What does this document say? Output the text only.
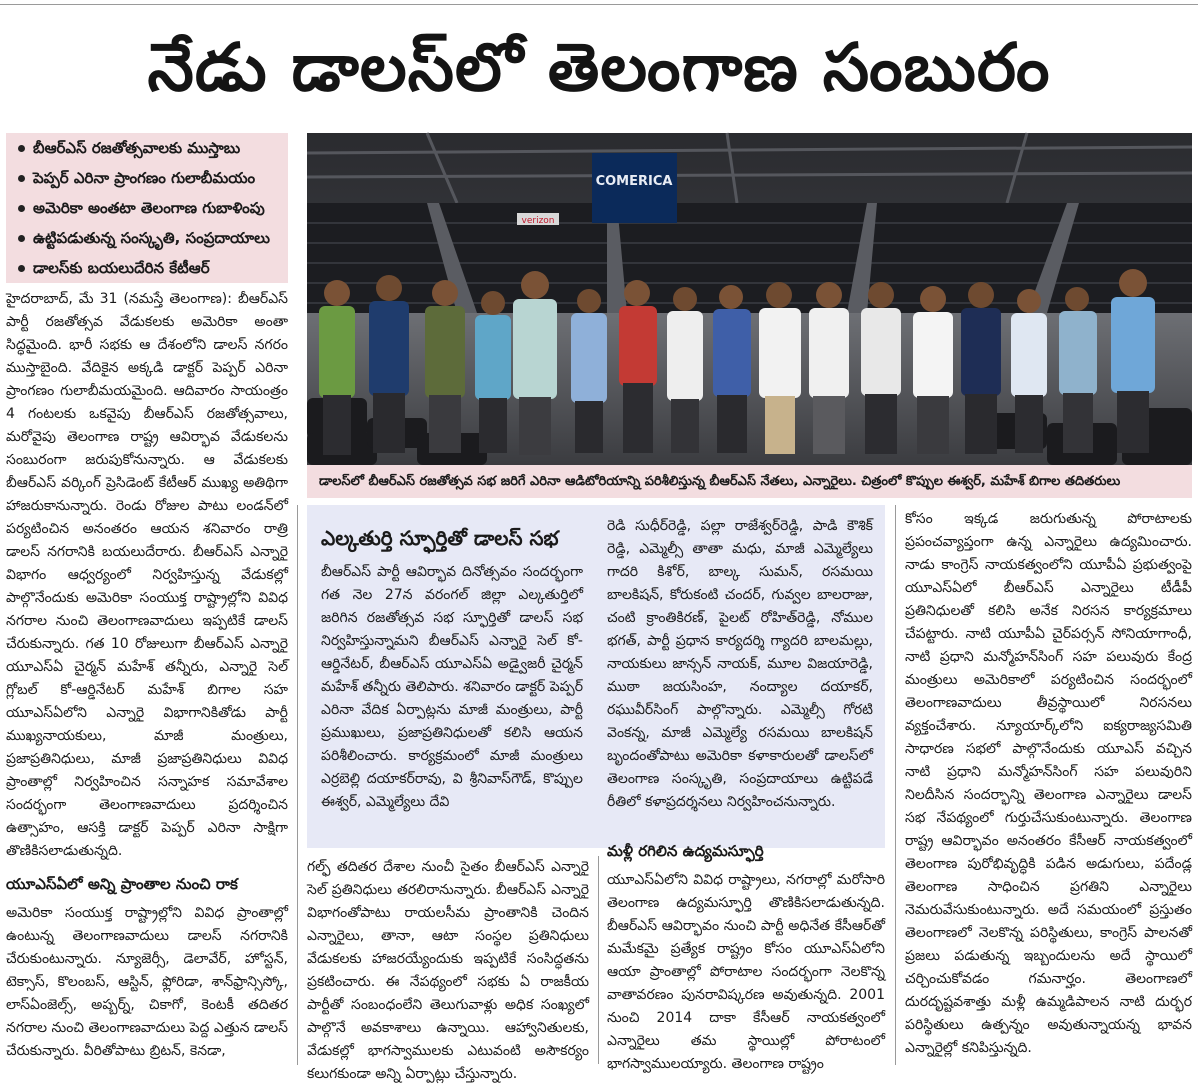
నేడు డాలస్‌లో తెలంగాణ సంబురం
బీఆర్‌ఎస్ రజతోత్సవాలకు ముస్తాబు
పెప్పర్ ఎరినా ప్రాంగణం గులాబీమయం
అమెరికా అంతటా తెలంగాణ గుబాళింపు
ఉట్టిపడుతున్న సంస్కృతి, సంప్రదాయాలు
డాలస్‌కు బయలుదేరిన కేటీఆర్
COMERICA
verizon
డాలస్‌లో బీఆర్‌ఎస్ రజతోత్సవ సభ జరిగే ఎరినా ఆడిటోరియాన్ని పరిశీలిస్తున్న బీఆర్‌ఎస్ నేతలు, ఎన్నారైలు. చిత్రంలో కొప్పుల ఈశ్వర్, మహేశ్ బిగాల తదితరులు

హైదరాబాద్, మే 31 (నమస్తే తెలంగాణ): బీఆర్‌ఎస్ పార్టీ రజతోత్సవ వేడుకలకు అమెరికా అంతా సిద్ధమైంది. భారీ సభకు ఆ దేశంలోని డాలస్ నగరం ముస్తాబైంది. వేదికైన అక్కడి డాక్టర్ పెప్పర్ ఎరినా ప్రాంగణం గులాబీమయమైంది. ఆదివారం సాయంత్రం 4 గంటలకు ఒకవైపు బీఆర్‌ఎస్ రజతోత్సవాలు, మరోవైపు తెలంగాణ రాష్ట్ర ఆవిర్భావ వేడుకలను సంబురంగా జరుపుకోనున్నారు. ఆ వేడుకలకు బీఆర్‌ఎస్ వర్కింగ్ ప్రెసిడెంట్ కేటీఆర్ ముఖ్య అతిథిగా హాజరుకానున్నారు. రెండు రోజుల పాటు లండన్‌లో పర్యటించిన అనంతరం ఆయన శనివారం రాత్రి డాలస్ నగరానికి బయలుదేరారు. బీఆర్‌ఎస్ ఎన్నారై విభాగం ఆధ్వర్యంలో నిర్వహిస్తున్న వేడుకల్లో పాల్గొనేందుకు అమెరికా సంయుక్త రాష్ట్రాల్లోని వివిధ నగరాల నుంచి తెలంగాణవాదులు ఇప్పటికే డాలస్ చేరుకున్నారు. గత 10 రోజులుగా బీఆర్‌ఎస్ ఎన్నారై యూఎస్‌ఏ చైర్మన్ మహేశ్ తన్నీరు, ఎన్నారై సెల్ గ్లోబల్ కో-ఆర్డినేటర్ మహేశ్ బిగాల సహ యూఎస్‌ఏలోని ఎన్నారై విభాగానికితోడు పార్టీ ముఖ్యనాయకులు, మాజీ మంత్రులు, ప్రజాప్రతినిధులు, మాజీ ప్రజాప్రతినిధులు వివిధ ప్రాంతాల్లో నిర్వహించిన సన్నాహక సమావేశాల సందర్భంగా తెలంగాణవాదులు ప్రదర్శించిన ఉత్సాహం, ఆసక్తి డాక్టర్ పెప్పర్ ఎరినా సాక్షిగా తొణికిసలాడుతున్నది.

యూఎస్‌ఏలో అన్ని ప్రాంతాల నుంచి రాక

అమెరికా సంయుక్త రాష్ట్రాల్లోని వివిధ ప్రాంతాల్లో ఉంటున్న తెలంగాణవాదులు డాలస్ నగరానికి చేరుకుంటున్నారు. న్యూజెర్సీ, డెలావేర్, హోస్టన్, టెక్సాస్, కొలంబస్, ఆస్టిన్, ఫ్లోరిడా, శాన్‌ఫ్రాన్సిస్కో, లాస్‌ఏంజెల్స్, అప్బర్న్, చికాగో, కెంటకీ తదితర నగరాల నుంచి తెలంగాణవాదులు పెద్ద ఎత్తున డాలస్ చేరుకున్నారు. వీరితోపాటు బ్రిటన్, కెనడా,

ఎల్కతుర్తి స్ఫూర్తితో డాలస్ సభ
బీఆర్‌ఎస్ పార్టీ ఆవిర్భావ దినోత్సవం సందర్భంగా గత నెల 27న వరంగల్ జిల్లా ఎల్కతుర్తిలో జరిగిన రజతోత్సవ సభ స్ఫూర్తితో డాలస్ సభ నిర్వహిస్తున్నామని బీఆర్‌ఎస్ ఎన్నారై సెల్ కో-ఆర్డినేటర్, బీఆర్‌ఎస్ యూఎస్‌ఏ అడ్వైజరీ చైర్మన్ మహేశ్ తన్నీరు తెలిపారు. శనివారం డాక్టర్ పెప్పర్ ఎరినా వేదిక ఏర్పాట్లను మాజీ మంత్రులు, పార్టీ ప్రముఖులు, ప్రజాప్రతినిధులతో కలిసి ఆయన పరిశీలించారు. కార్యక్రమంలో మాజీ మంత్రులు ఎర్రబెల్లి దయాకర్‌రావు, వి శ్రీనివాస్‌గౌడ్, కొప్పుల ఈశ్వర్, ఎమ్మెల్యేలు దేవి
రెడి సుధీర్‌రెడ్డి, పల్లా రాజేశ్వర్‌రెడ్డి, పాడి కౌశిక్ రెడ్డి, ఎమ్మెల్సీ తాతా మధు, మాజీ ఎమ్మెల్యేలు గాదరి కిశోర్, బాల్క సుమన్, రసమయి బాలకిషన్, కోరుకంటి చందర్, గువ్వల బాలరాజు, చంటి క్రాంతికిరణ్, పైలట్ రోహిత్‌రెడ్డి, నోముల భగత్, పార్టీ ప్రధాన కార్యదర్శి గ్యాదరి బాలమల్లు, నాయకులు జాన్సన్ నాయక్, మూల విజయారెడ్డి, ముఠా జయసింహ, నంద్యాల దయాకర్, రఘువీర్‌సింగ్ పాల్గొన్నారు. ఎమ్మెల్సీ గోరటి వెంకన్న, మాజీ ఎమ్మెల్యే రసమయి బాలకిషన్ బృందంతోపాటు అమెరికా కళాకారులతో డాలస్‌లో తెలంగాణ సంస్కృతి, సంప్రదాయాలు ఉట్టిపడే రీతిలో కళాప్రదర్శనలు నిర్వహించనున్నారు.

గల్ఫ్ తదితర దేశాల నుంచీ సైతం బీఆర్‌ఎస్ ఎన్నారై సెల్ ప్రతినిధులు తరలిరానున్నారు. బీఆర్‌ఎస్ ఎన్నారై విభాగంతోపాటు రాయలసీమ ప్రాంతానికి చెందిన ఎన్నారైలు, తానా, ఆటా సంస్థల ప్రతినిధులు వేడుకలకు హాజరయ్యేందుకు ఇప్పటికే సంసిద్ధతను ప్రకటించారు. ఈ నేపథ్యంలో సభకు ఏ రాజకీయ పార్టీతో సంబంధంలేని తెలుగువాళ్లు అధిక సంఖ్యలో పాల్గొనే అవకాశాలు ఉన్నాయి. ఆహ్వానితులకు, వేడుకల్లో భాగస్వాములకు ఎటువంటి అసౌకర్యం కలుగకుండా అన్ని ఏర్పాట్లు చేస్తున్నారు.

మళ్లీ రగిలిన ఉద్యమస్ఫూర్తి

యూఎస్‌ఏలోని వివిధ రాష్ట్రాలు, నగరాల్లో మరోసారి తెలంగాణ ఉద్యమస్ఫూర్తి తొణికిసలాడుతున్నది. బీఆర్‌ఎస్ ఆవిర్భావం నుంచి పార్టీ అధినేత కేసీఆర్‌తో మమేకమై ప్రత్యేక రాష్ట్రం కోసం యూఎస్‌ఏలోని ఆయా ప్రాంతాల్లో పోరాటాల సందర్భంగా నెలకొన్న వాతావరణం పునరావిష్కరణ అవుతున్నది. 2001 నుంచి 2014 దాకా కేసీఆర్ నాయకత్వంలో ఎన్నారైలు తమ స్థాయిల్లో పోరాటంలో భాగస్వాములయ్యారు. తెలంగాణ రాష్ట్రం

కోసం ఇక్కడ జరుగుతున్న పోరాటాలకు ప్రపంచవ్యాప్తంగా ఉన్న ఎన్నారైలు ఉద్యమించారు. నాడు కాంగ్రెస్ నాయకత్వంలోని యూపీఏ ప్రభుత్వంపై యూఎస్‌ఏలో బీఆర్‌ఎస్ ఎన్నారైలు టీడీపీ ప్రతినిధులతో కలిసి అనేక నిరసన కార్యక్రమాలు చేపట్టారు. నాటి యూపీఏ చైర్‌పర్సన్ సోనియాగాంధీ, నాటి ప్రధాని మన్మోహన్‌సింగ్ సహ పలువురు కేంద్ర మంత్రులు అమెరికాలో పర్యటించిన సందర్భంలో తెలంగాణవాదులు తీవ్రస్థాయిలో నిరసనలు వ్యక్తంచేశారు. న్యూయార్క్‌లోని ఐక్యరాజ్యసమితి సాధారణ సభలో పాల్గొనేందుకు యూఎస్ వచ్చిన నాటి ప్రధాని మన్మోహన్‌సింగ్ సహ పలువురిని నిలదీసిన సందర్భాన్ని తెలంగాణ ఎన్నారైలు డాలస్ సభ నేపథ్యంలో గుర్తుచేసుకుంటున్నారు. తెలంగాణ రాష్ట్ర ఆవిర్భావం అనంతరం కేసీఆర్ నాయకత్వంలో తెలంగాణ పురోభివృద్ధికి పడిన అడుగులు, పదేండ్ల తెలంగాణ సాధించిన ప్రగతిని ఎన్నారైలు నెమరువేసుకుంటున్నారు. అదే సమయంలో ప్రస్తుతం తెలంగాణలో నెలకొన్న పరిస్థితులు, కాంగ్రెస్ పాలనతో ప్రజలు పడుతున్న ఇబ్బందులను అదే స్థాయిలో చర్చించుకోవడం గమనార్హం. తెలంగాణలో దురదృష్టవశాత్తు మళ్లీ ఉమ్మడిపాలన నాటి దుర్భర పరిస్థితులు ఉత్పన్నం అవుతున్నాయన్న భావన ఎన్నారైల్లో కనిపిస్తున్నది.
